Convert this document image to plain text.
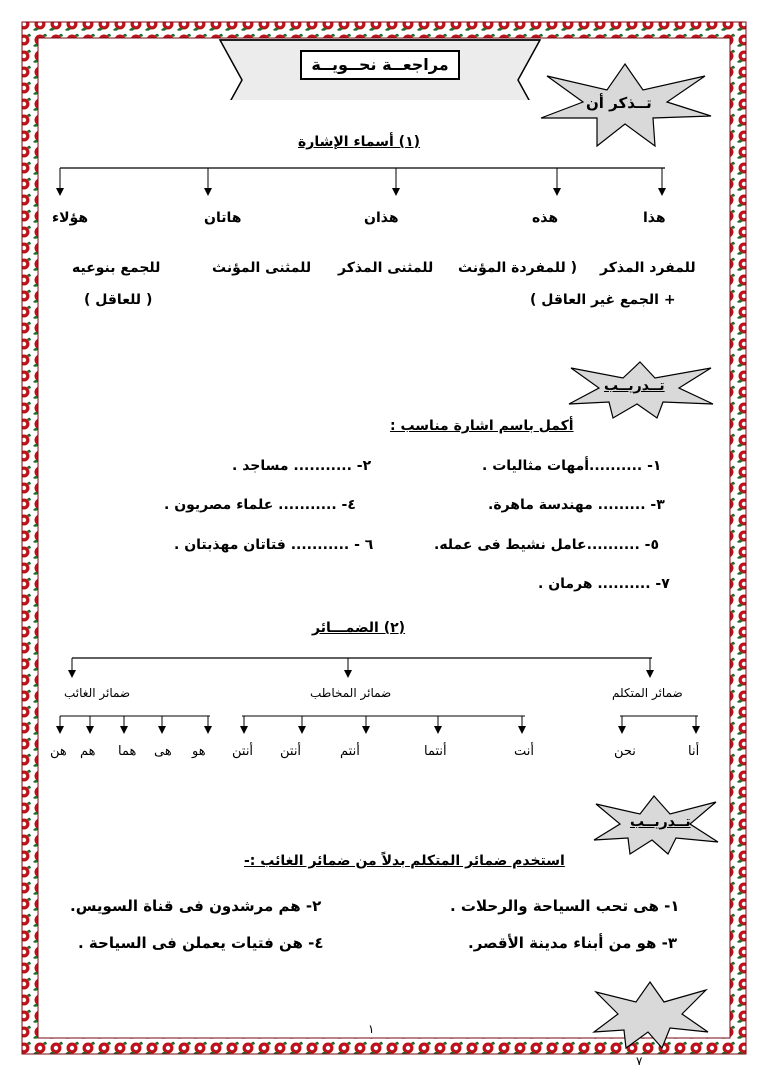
مراجعــة نحــويــة
تــذكر أن
(١) أسماء الإشارة
هذا
هذه
هذان
هاتان
هؤلاء
للمفرد المذكر
( للمفردة المؤنث
للمثنى المذكر
للمثنى المؤنث
للجمع بنوعيه
+ الجمع غير العاقل )
( للعاقل )
تــدريــب
أكمل باسم اشارة مناسب :
١- ..........أمهات مثاليات .
٢- ........... مساجد .
٣- ......... مهندسة ماهرة.
٤- ........... علماء مصريون .
٥- ..........عامل نشيط فى عمله.
٦ - ........... فتاتان مهذبتان .
٧- .......... هرمان .
(٢) الضمـــائر
ضمائر المتكلم
ضمائر المخاطب
ضمائر الغائب
أنا
نحن
أنت
أنتما
أنتم
أنتن
أنتن
هو
هى
هما
هم
هن
تــدريــب
استخدم ضمائر المتكلم بدلاً من ضمائر الغائب :-
١- هى تحب السياحة والرحلات .
٢- هم مرشدون فى قناة السويس.
٣- هو من أبناء مدينة الأقصر.
٤- هن فتيات يعملن فى السياحة .
١
٧
